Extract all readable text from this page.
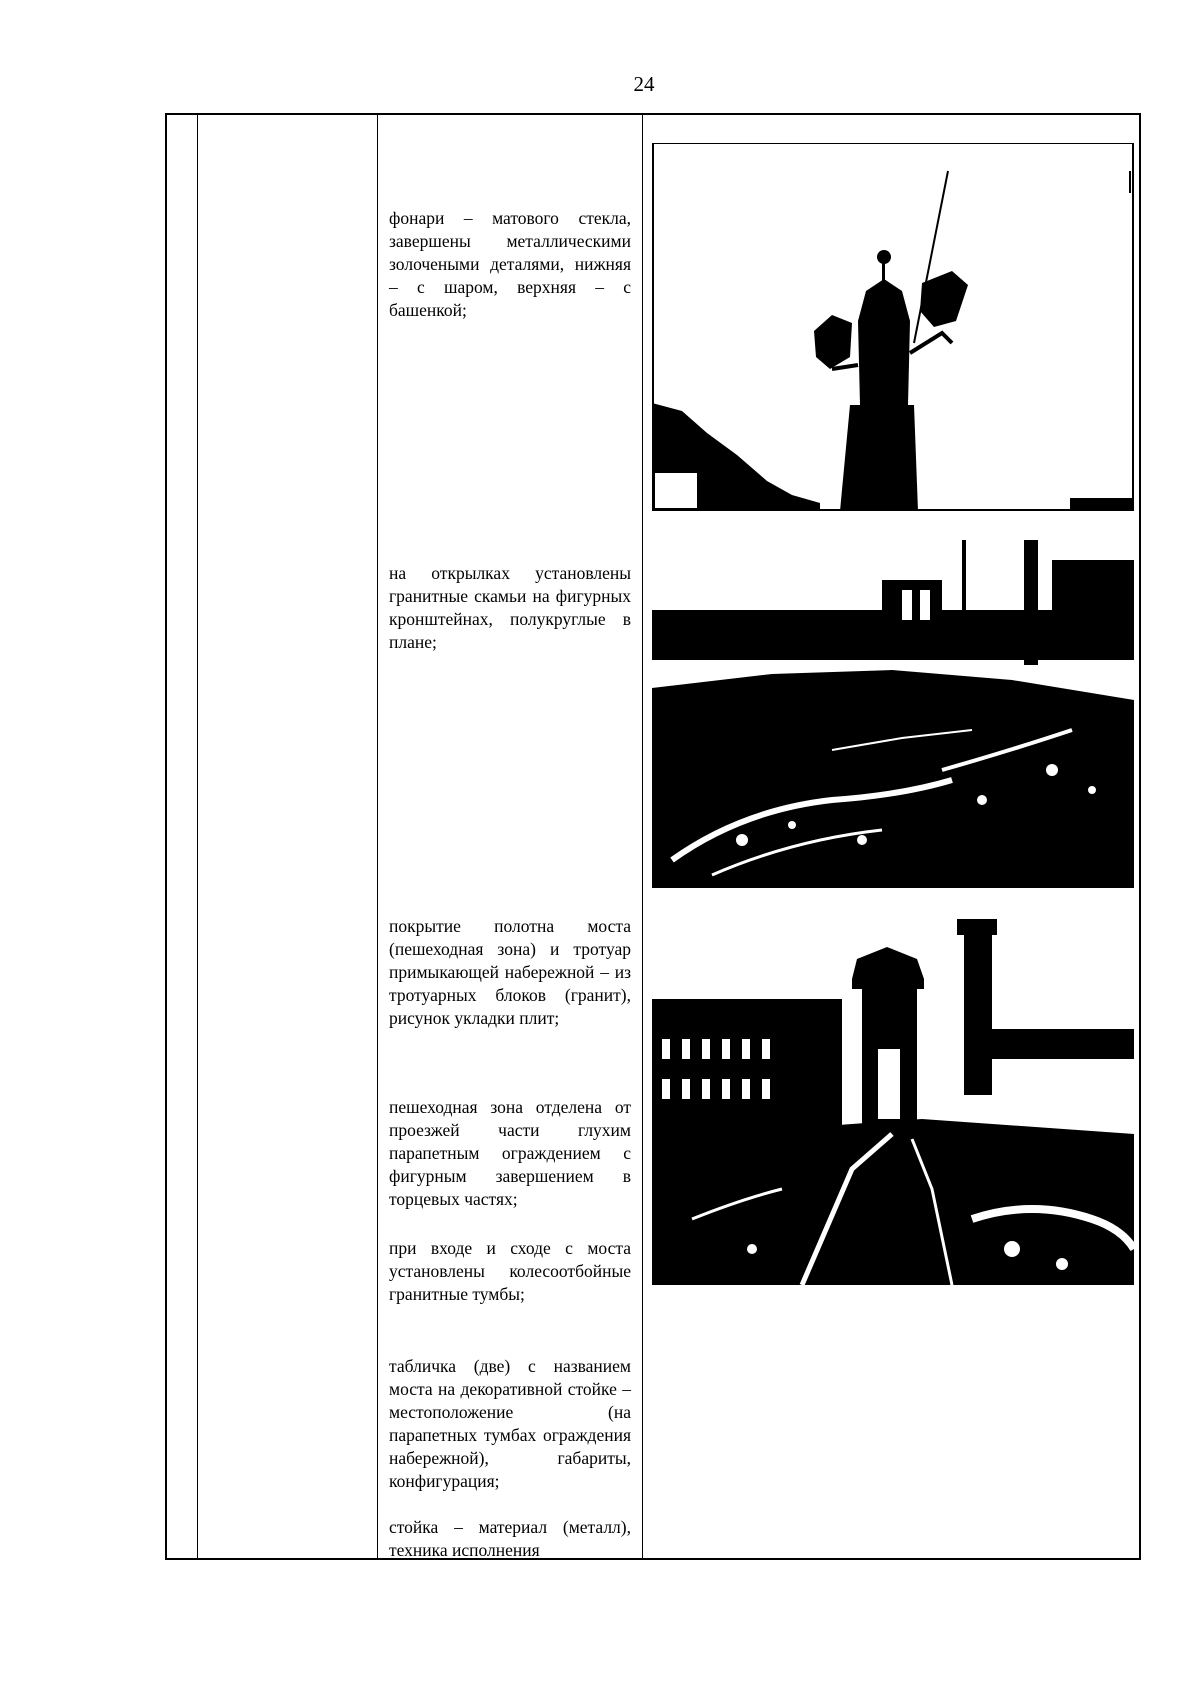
24

фонари – матового стекла, завершены металлическими золочеными деталями, нижняя – с шаром, верхняя – с башенкой;

на открылках установлены гранитные скамьи на фигурных кронштейнах, полукруглые в плане;

покрытие полотна моста (пешеходная зона) и тротуар примыкающей набережной – из тротуарных блоков (гранит), рисунок укладки плит;

пешеходная зона отделена от проезжей части глухим парапетным ограждением с фигурным завершением в торцевых частях;

при входе и сходе с моста установлены колесоотбойные гранитные тумбы;

табличка (две) с названием моста на декоративной стойке – местоположение (на парапетных тумбах ограждения набережной), габариты, конфигурация;

стойка – материал (металл), техника исполнения
